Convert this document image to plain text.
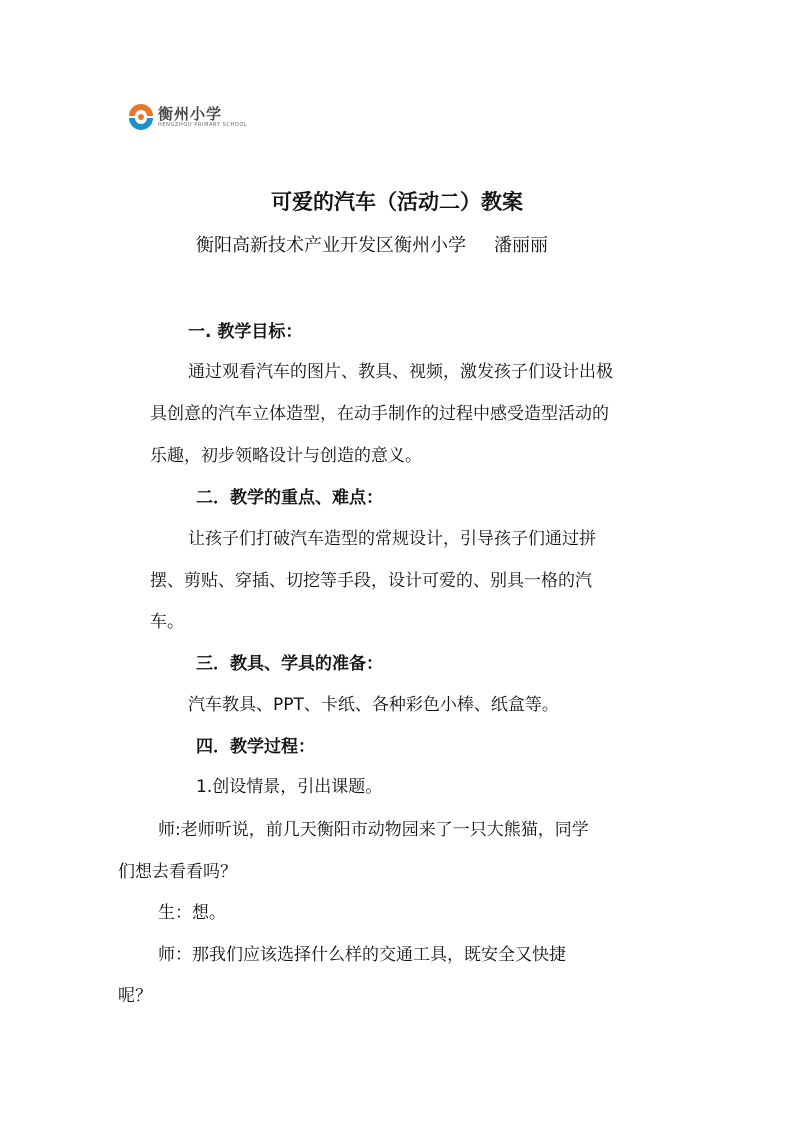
衡州小学
HENGZHOU PRIMARY SCHOOL
可爱的汽车（活动二）教案
衡阳高新技术产业开发区衡州小学 潘丽丽
一. 教学目标：
通过观看汽车的图片、教具、视频，激发孩子们设计出极
具创意的汽车立体造型，在动手制作的过程中感受造型活动的
乐趣，初步领略设计与创造的意义。
二．教学的重点、难点：
让孩子们打破汽车造型的常规设计，引导孩子们通过拼
摆、剪贴、穿插、切挖等手段，设计可爱的、别具一格的汽
车。
三．教具、学具的准备：
汽车教具、PPT、卡纸、各种彩色小棒、纸盒等。
四．教学过程：
1.创设情景，引出课题。
师:老师听说，前几天衡阳市动物园来了一只大熊猫，同学
们想去看看吗？
生：想。
师：那我们应该选择什么样的交通工具，既安全又快捷
呢？
